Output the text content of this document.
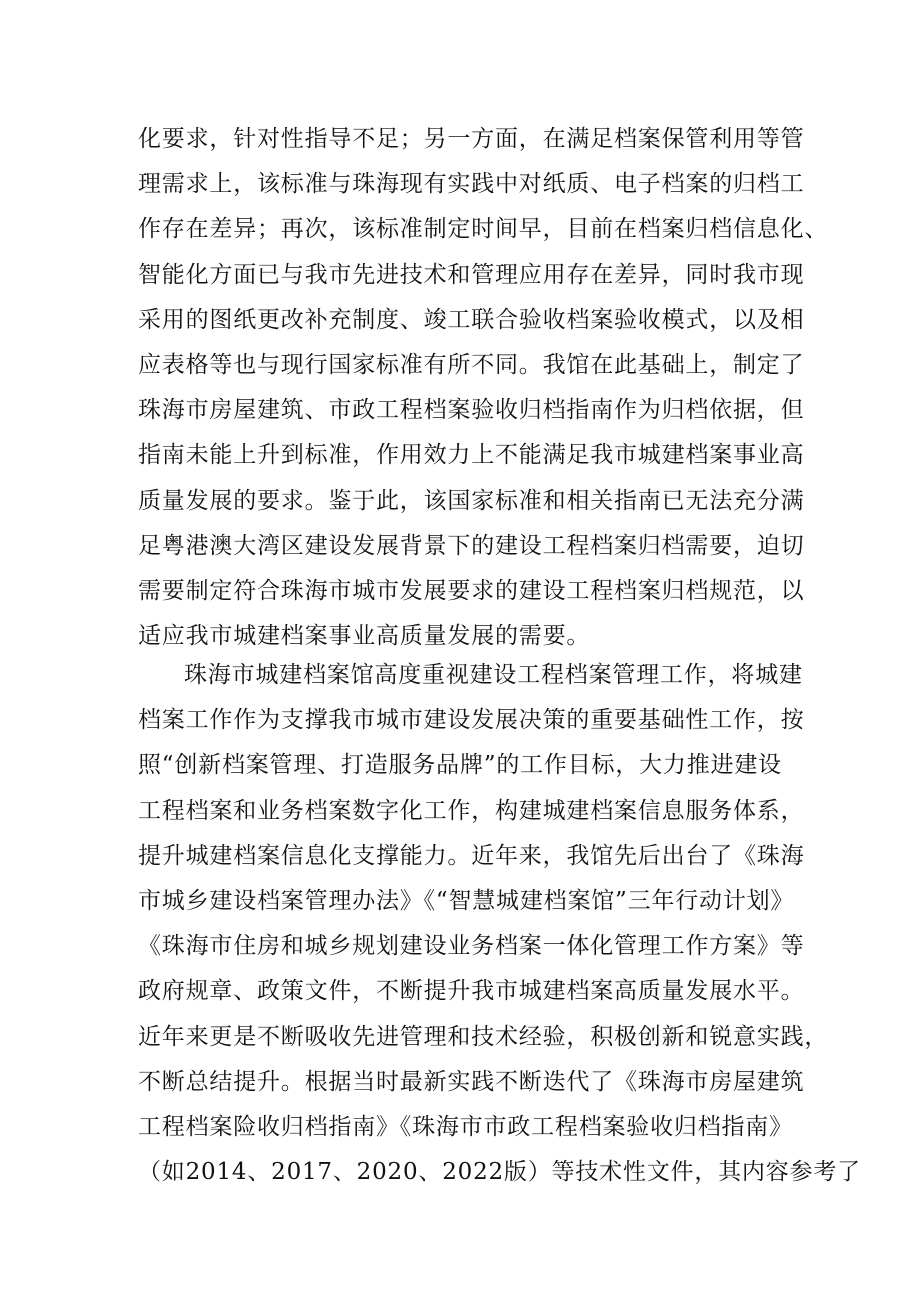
化要求，针对性指导不足；另一方面，在满足档案保管利用等管
理需求上，该标准与珠海现有实践中对纸质、电子档案的归档工
作存在差异；再次，该标准制定时间早，目前在档案归档信息化、
智能化方面已与我市先进技术和管理应用存在差异，同时我市现
采用的图纸更改补充制度、竣工联合验收档案验收模式，以及相
应表格等也与现行国家标准有所不同。我馆在此基础上，制定了
珠海市房屋建筑、市政工程档案验收归档指南作为归档依据，但
指南未能上升到标准，作用效力上不能满足我市城建档案事业高
质量发展的要求。鉴于此，该国家标准和相关指南已无法充分满
足粤港澳大湾区建设发展背景下的建设工程档案归档需要，迫切
需要制定符合珠海市城市发展要求的建设工程档案归档规范，以
适应我市城建档案事业高质量发展的需要。
珠海市城建档案馆高度重视建设工程档案管理工作，将城建
档案工作作为支撑我市城市建设发展决策的重要基础性工作，按
照“创新档案管理、打造服务品牌”的工作目标，大力推进建设
工程档案和业务档案数字化工作，构建城建档案信息服务体系，
提升城建档案信息化支撑能力。近年来，我馆先后出台了《珠海
市城乡建设档案管理办法》《“智慧城建档案馆”三年行动计划》
《珠海市住房和城乡规划建设业务档案一体化管理工作方案》等
政府规章、政策文件，不断提升我市城建档案高质量发展水平。
近年来更是不断吸收先进管理和技术经验，积极创新和锐意实践，
不断总结提升。根据当时最新实践不断迭代了《珠海市房屋建筑
工程档案险收归档指南》《珠海市市政工程档案验收归档指南》
（如2014、2017、2020、2022版）等技术性文件，其内容参考了
